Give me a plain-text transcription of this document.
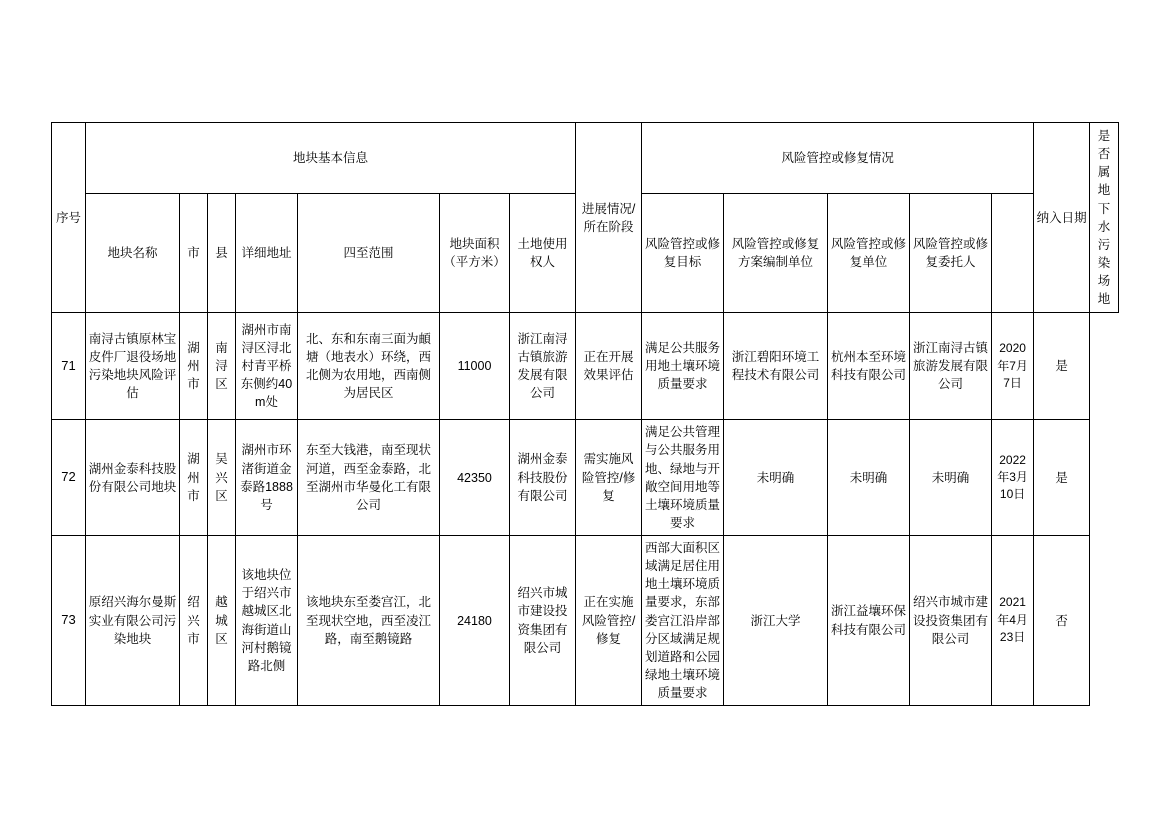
序号	地块基本信息							进展情况/所在阶段	风险管控或修复情况					纳入日期	是否属地下水污染场地
	地块名称	市	县	详细地址	四至范围	地块面积（平方米）	土地使用权人		风险管控或修复目标	风险管控或修复方案编制单位	风险管控或修复单位	风险管控或修复委托人			
71	南浔古镇原林宝皮件厂退役场地污染地块风险评估	湖州市	南浔区	湖州市南浔区浔北村青平桥东侧约40m处	北、东和东南三面为頔塘（地表水）环绕，西北侧为农用地，西南侧为居民区	11000	浙江南浔古镇旅游发展有限公司	正在开展效果评估	满足公共服务用地土壤环境质量要求	浙江碧阳环境工程技术有限公司	杭州本至环境科技有限公司	浙江南浔古镇旅游发展有限公司	2020年7月7日	是	
72	湖州金泰科技股份有限公司地块	湖州市	吴兴区	湖州市环渚街道金泰路1888号	东至大钱港，南至现状河道，西至金泰路，北至湖州市华曼化工有限公司	42350	湖州金泰科技股份有限公司	需实施风险管控/修复	满足公共管理与公共服务用地、绿地与开敞空间用地等土壤环境质量要求	未明确	未明确	未明确	2022年3月10日	是	
73	原绍兴海尔曼斯实业有限公司污染地块	绍兴市	越城区	该地块位于绍兴市越城区北海街道山河村鹅镜路北侧	该地块东至娄宫江，北至现状空地，西至凌江路，南至鹅镜路	24180	绍兴市城市建设投资集团有限公司	正在实施风险管控/修复	西部大面积区域满足居住用地土壤环境质量要求，东部娄宫江沿岸部分区域满足规划道路和公园绿地土壤环境质量要求	浙江大学	浙江益壤环保科技有限公司	绍兴市城市建设投资集团有限公司	2021年4月23日	否	
